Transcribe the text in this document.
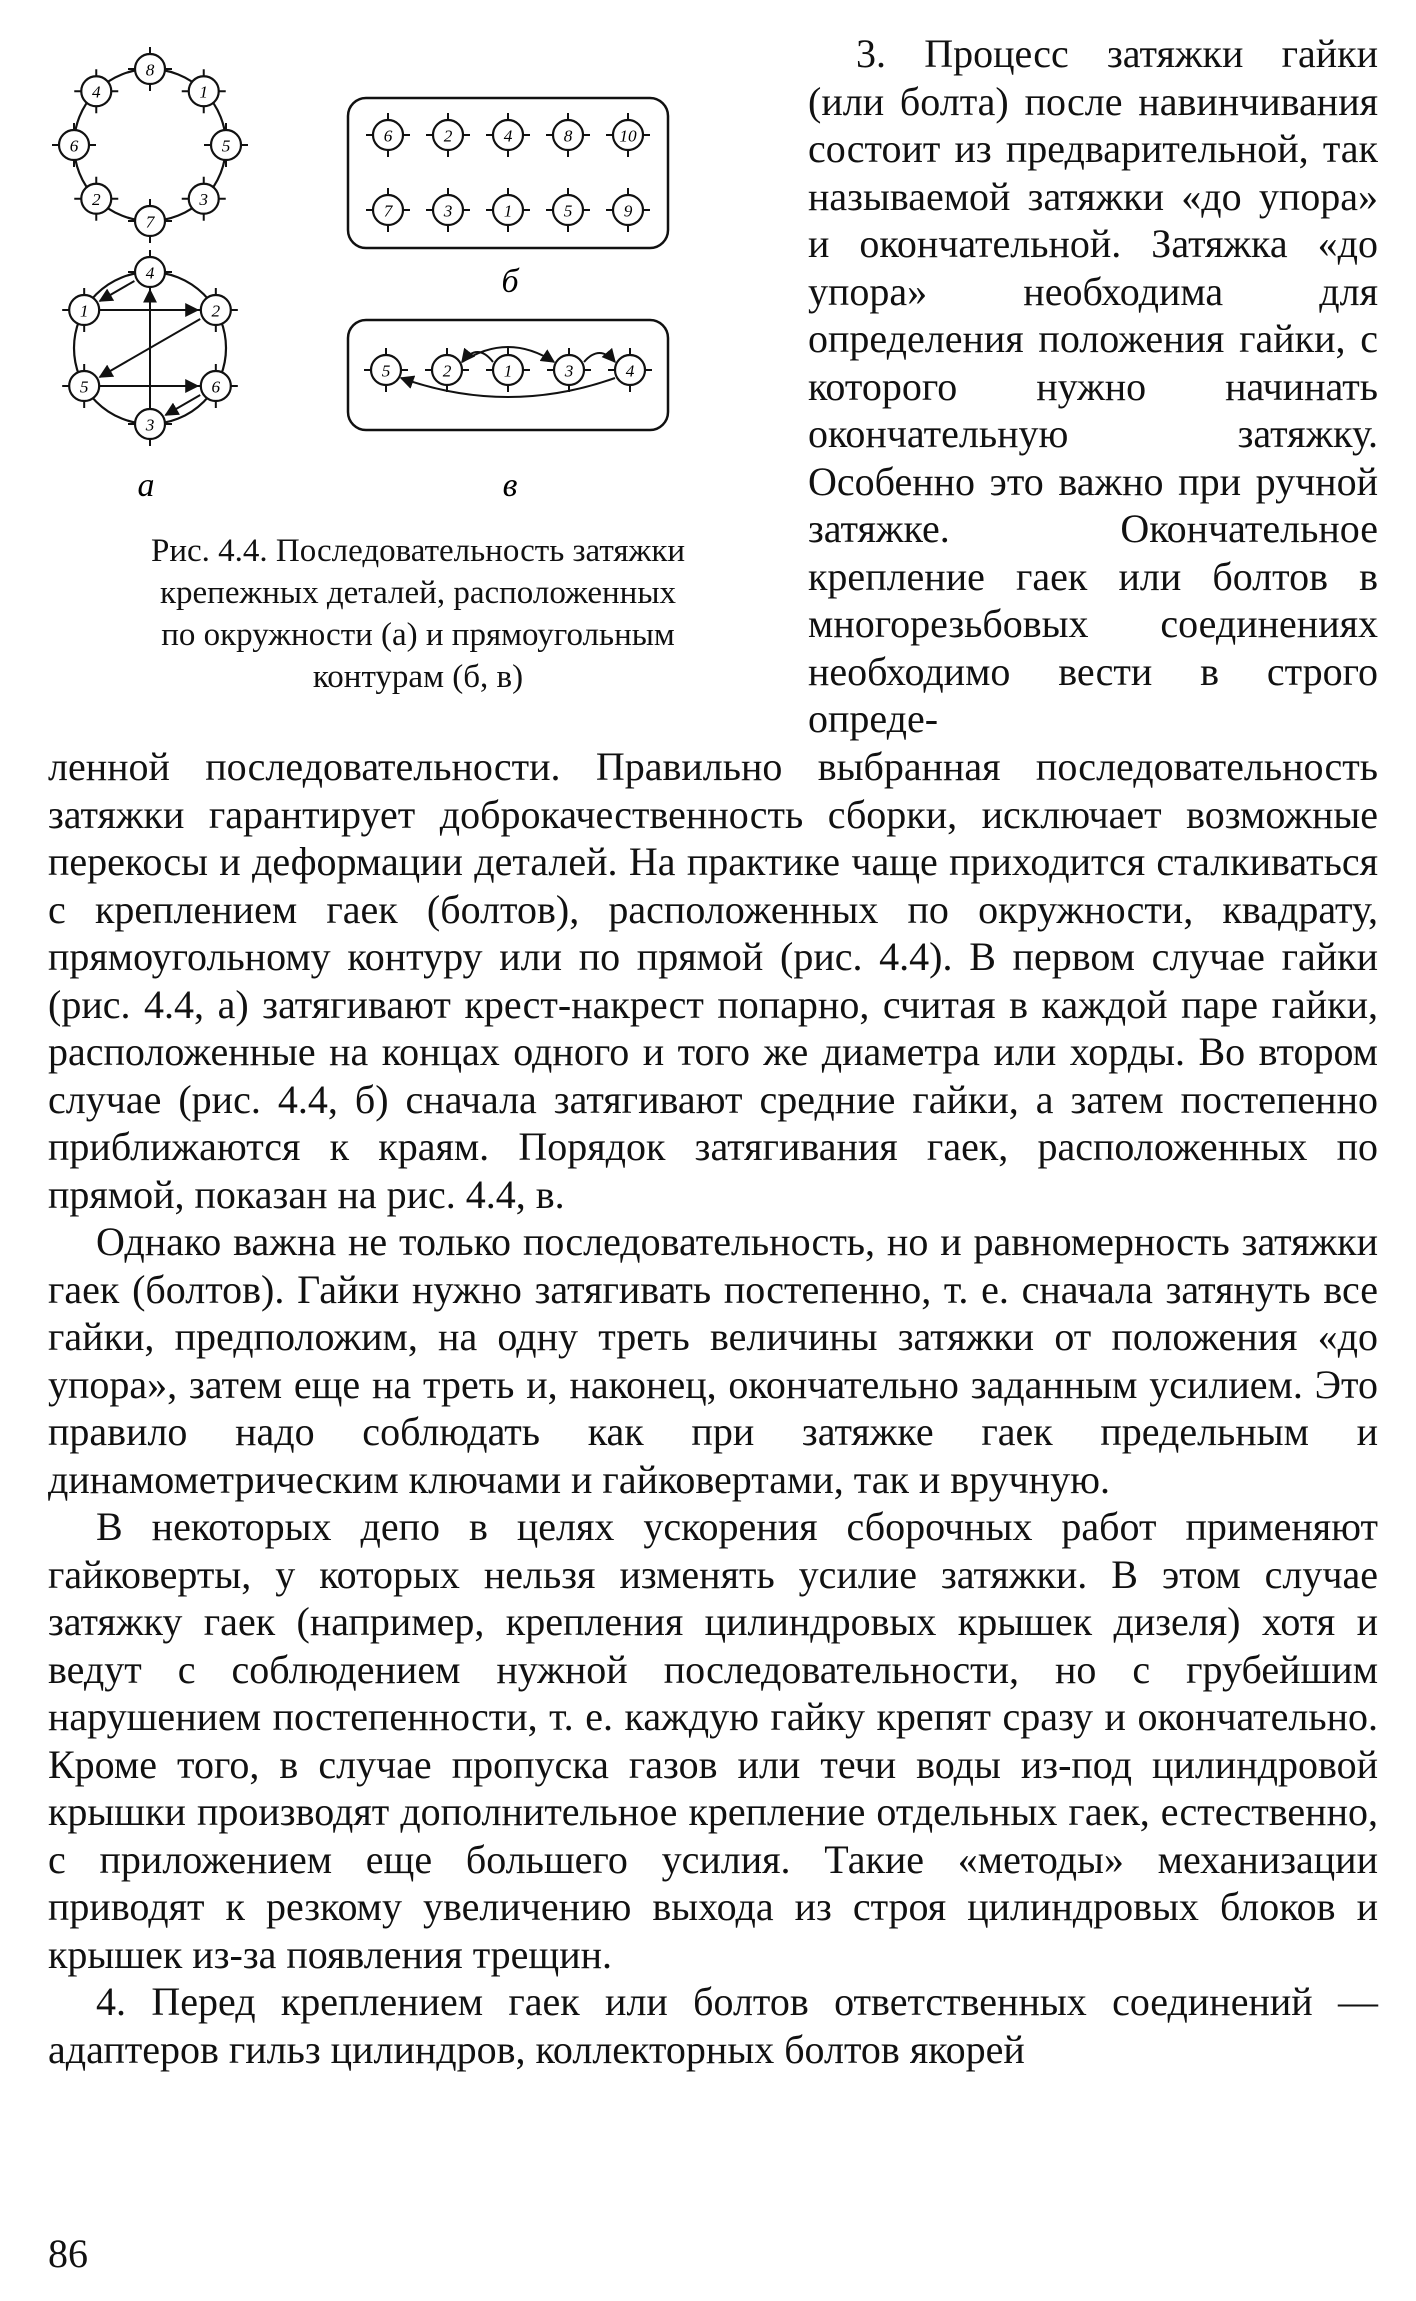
8
1
5
3
7
2
6
4
4
2
6
3
5
1
6	2	4	8	10
7	3	1	5	9
5	2	1	3	4
а
б
в
Рис. 4.4. Последовательность затяжки
крепежных деталей, расположенных
по окружности (а) и прямоугольным
контурам (б, в)

3. Процесс затяжки гайки (или болта) после навинчивания состоит из предварительной, так называемой затяжки «до упора» и окончательной. Затяжка «до упора» необходима для определения положения гайки, с которого нужно начинать окончательную затяжку. Особенно это важно при ручной затяжке. Окончательное крепление гаек или болтов в многорезьбовых соединениях необходимо вести в строго опреде-

ленной последовательности. Правильно выбранная последовательность затяжки гарантирует доброкачественность сборки, исключает возможные перекосы и деформации деталей. На практике чаще приходится сталкиваться с креплением гаек (болтов), расположенных по окружности, квадрату, прямоугольному контуру или по прямой (рис. 4.4). В первом случае гайки (рис. 4.4, а) затягивают крест-накрест попарно, считая в каждой паре гайки, расположенные на концах одного и того же диаметра или хорды. Во втором случае (рис. 4.4, б) сначала затягивают средние гайки, а затем постепенно приближаются к краям. Порядок затягивания гаек, расположенных по прямой, показан на рис. 4.4, в.

Однако важна не только последовательность, но и равномерность затяжки гаек (болтов). Гайки нужно затягивать постепенно, т. е. сначала затянуть все гайки, предположим, на одну треть величины затяжки от положения «до упора», затем еще на треть и, наконец, окончательно заданным усилием. Это правило надо соблюдать как при затяжке гаек предельным и динамометрическим ключами и гайковертами, так и вручную.

В некоторых депо в целях ускорения сборочных работ применяют гайковерты, у которых нельзя изменять усилие затяжки. В этом случае затяжку гаек (например, крепления цилиндровых крышек дизеля) хотя и ведут с соблюдением нужной последовательности, но с грубейшим нарушением постепенности, т. е. каждую гайку крепят сразу и окончательно. Кроме того, в случае пропуска газов или течи воды из-под цилиндровой крышки производят дополнительное крепление отдельных гаек, естественно, с приложением еще большего усилия. Такие «методы» механизации приводят к резкому увеличению выхода из строя цилиндровых блоков и крышек из-за появления трещин.

4. Перед креплением гаек или болтов ответственных соединений — адаптеров гильз цилиндров, коллекторных болтов якорей

86
